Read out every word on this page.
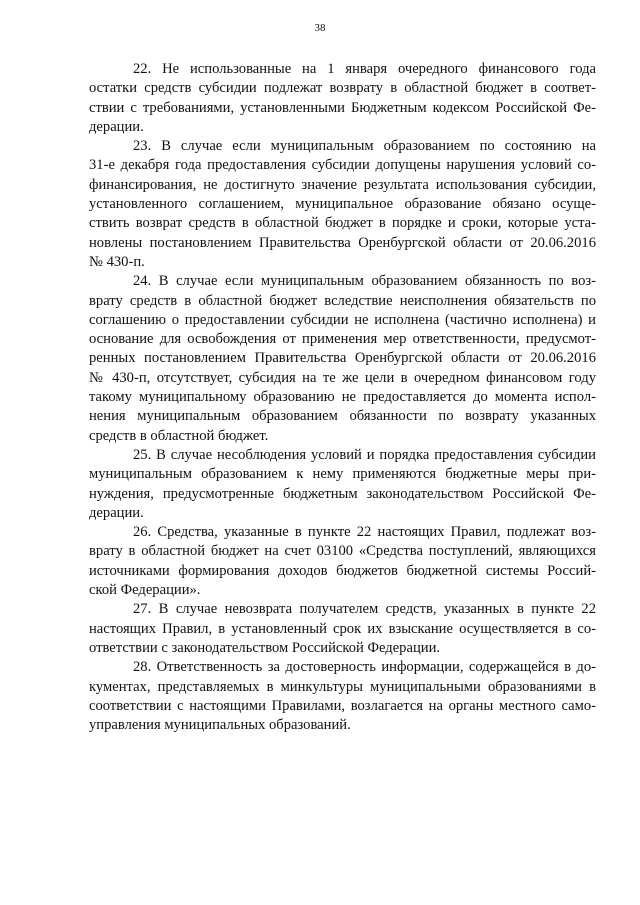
38

22. Не использованные на 1 января очередного финансового года
остатки средств субсидии подлежат возврату в областной бюджет в соответ-
ствии с требованиями, установленными Бюджетным кодексом Российской Фе-
дерации.

23. В случае если муниципальным образованием по состоянию на
31-е декабря года предоставления субсидии допущены нарушения условий со-
финансирования, не достигнуто значение результата использования субсидии,
установленного соглашением, муниципальное образование обязано осуще-
ствить возврат средств в областной бюджет в порядке и сроки, которые уста-
новлены постановлением Правительства Оренбургской области от 20.06.2016
№ 430-п.

24. В случае если муниципальным образованием обязанность по воз-
врату средств в областной бюджет вследствие неисполнения обязательств по
соглашению о предоставлении субсидии не исполнена (частично исполнена) и
основание для освобождения от применения мер ответственности, предусмот-
ренных постановлением Правительства Оренбургской области от 20.06.2016
№ 430-п, отсутствует, субсидия на те же цели в очередном финансовом году
такому муниципальному образованию не предоставляется до момента испол-
нения муниципальным образованием обязанности по возврату указанных
средств в областной бюджет.

25. В случае несоблюдения условий и порядка предоставления субсидии
муниципальным образованием к нему применяются бюджетные меры при-
нуждения, предусмотренные бюджетным законодательством Российской Фе-
дерации.

26. Средства, указанные в пункте 22 настоящих Правил, подлежат воз-
врату в областной бюджет на счет 03100 «Средства поступлений, являющихся
источниками формирования доходов бюджетов бюджетной системы Россий-
ской Федерации».

27. В случае невозврата получателем средств, указанных в пункте 22
настоящих Правил, в установленный срок их взыскание осуществляется в со-
ответствии с законодательством Российской Федерации.

28. Ответственность за достоверность информации, содержащейся в до-
кументах, представляемых в минкультуры муниципальными образованиями в
соответствии с настоящими Правилами, возлагается на органы местного само-
управления муниципальных образований.
